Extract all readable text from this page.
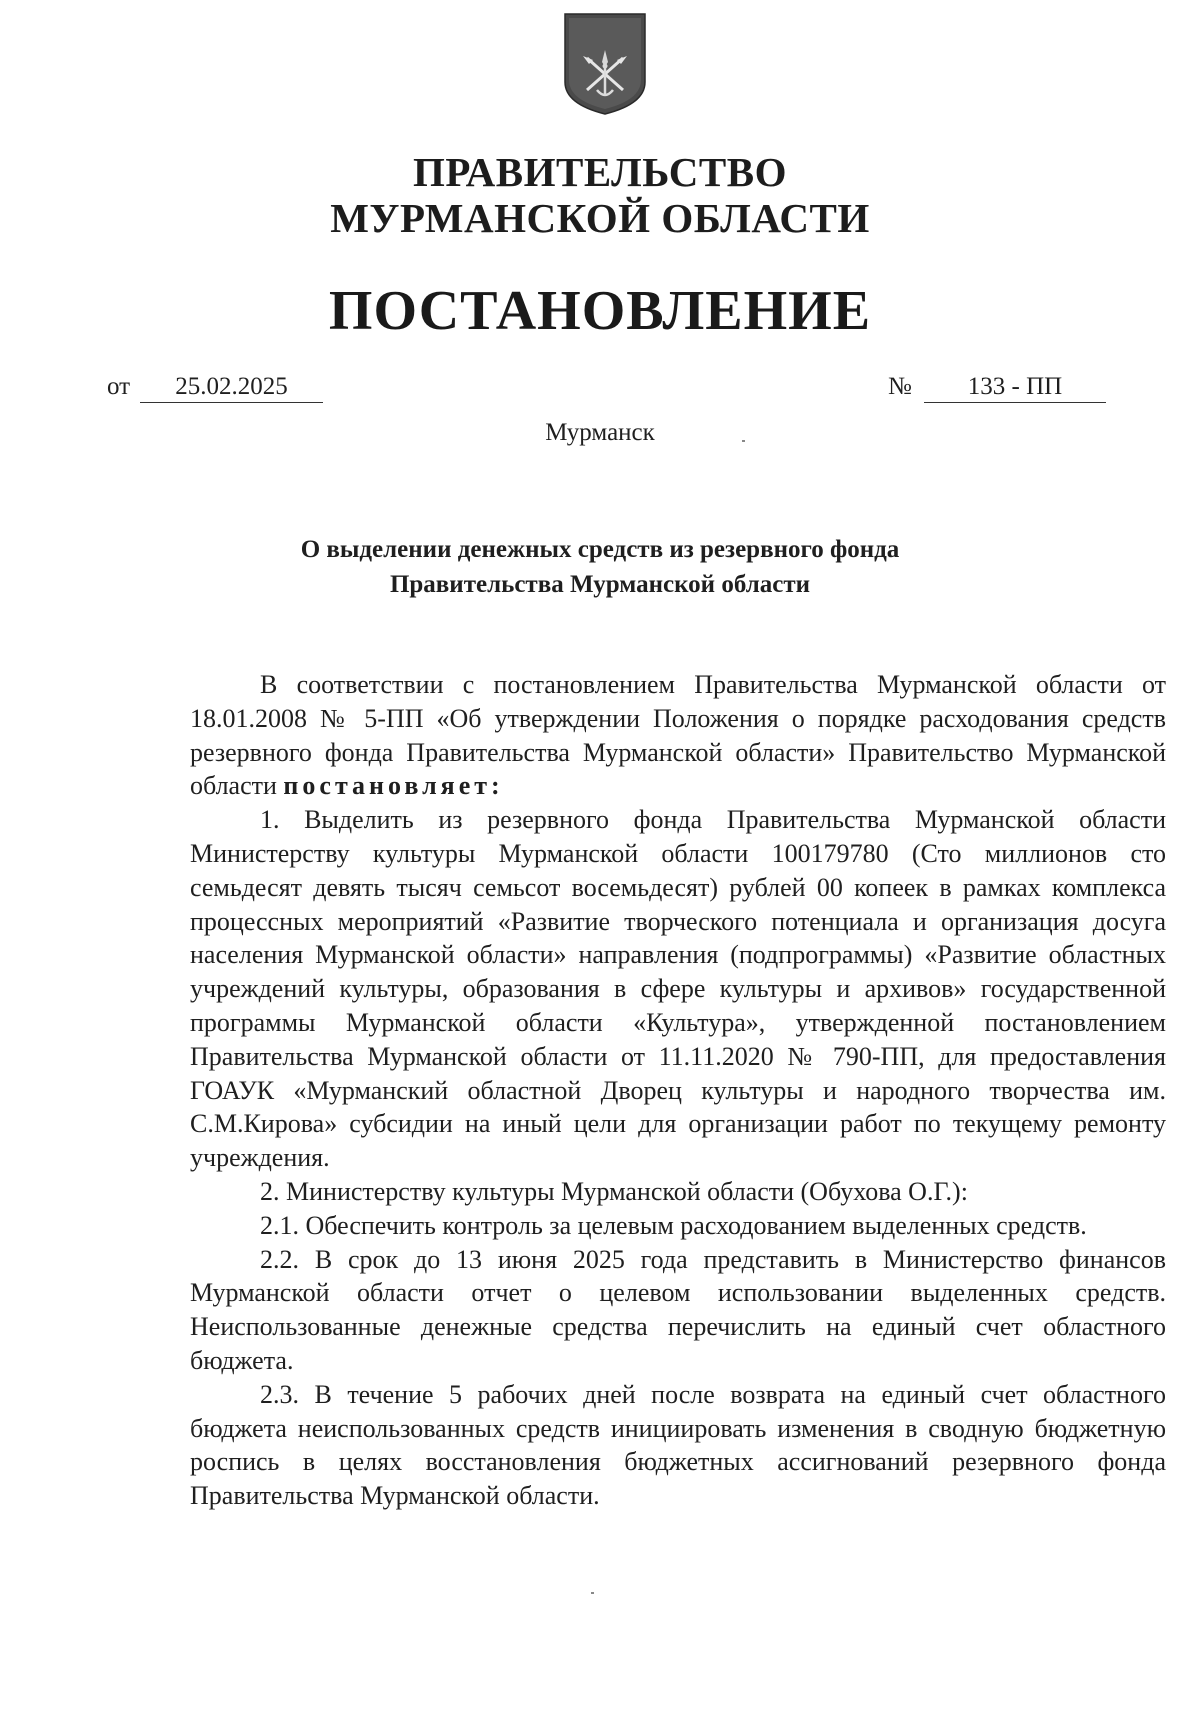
ПРАВИТЕЛЬСТВО
МУРМАНСКОЙ ОБЛАСТИ
ПОСТАНОВЛЕНИЕ
от	25.02.2025	№	133 - ПП
Мурманск
О выделении денежных средств из резервного фонда
Правительства Мурманской области

В соответствии с постановлением Правительства Мурманской области от 18.01.2008 № 5-ПП «Об утверждении Положения о порядке расходования средств резервного фонда Правительства Мурманской области» Правительство Мурманской области постановляет:

1. Выделить из резервного фонда Правительства Мурманской области Министерству культуры Мурманской области 100179780 (Сто миллионов сто семьдесят девять тысяч семьсот восемьдесят) рублей 00 копеек в рамках комплекса процессных мероприятий «Развитие творческого потенциала и организация досуга населения Мурманской области» направления (подпрограммы) «Развитие областных учреждений культуры, образования в сфере культуры и архивов» государственной программы Мурманской области «Культура», утвержденной постановлением Правительства Мурманской области от 11.11.2020 № 790-ПП, для предоставления ГОАУК «Мурманский областной Дворец культуры и народного творчества им. С.М.Кирова» субсидии на иный цели для организации работ по текущему ремонту учреждения.

2. Министерству культуры Мурманской области (Обухова О.Г.):

2.1. Обеспечить контроль за целевым расходованием выделенных средств.

2.2. В срок до 13 июня 2025 года представить в Министерство финансов Мурманской области отчет о целевом использовании выделенных средств. Неиспользованные денежные средства перечислить на единый счет областного бюджета.

2.3. В течение 5 рабочих дней после возврата на единый счет областного бюджета неиспользованных средств инициировать изменения в сводную бюджетную роспись в целях восстановления бюджетных ассигнований резервного фонда Правительства Мурманской области.
